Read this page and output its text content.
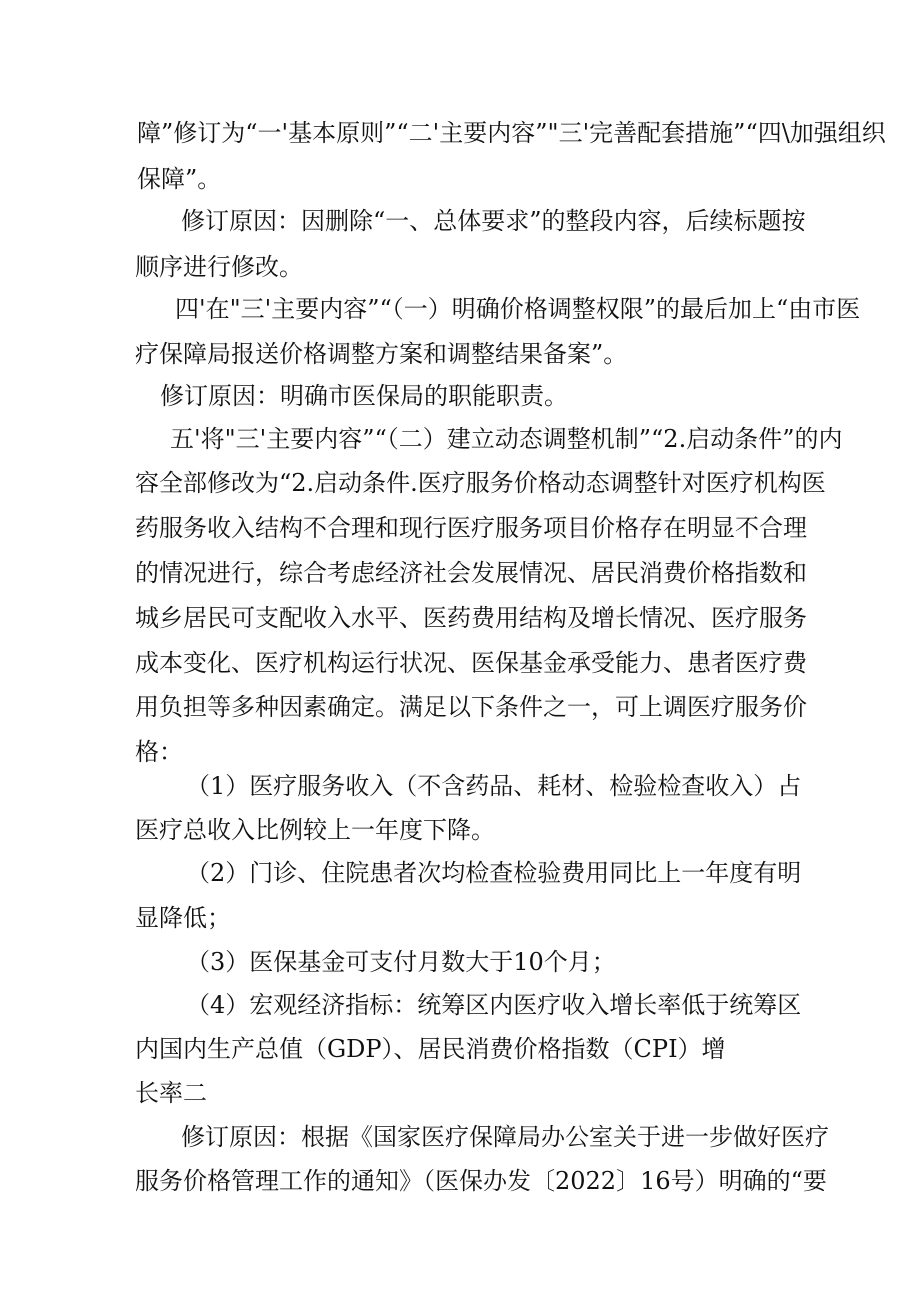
障”修订为“一'基本原则”“二'主要内容”"三'完善配套措施”“四\加强组织
保障”。
修订原因：因删除“一、总体要求”的整段内容，后续标题按
顺序进行修改。
四'在"三'主要内容”“（一）明确价格调整权限”的最后加上“由市医
疗保障局报送价格调整方案和调整结果备案”。
修订原因：明确市医保局的职能职责。
五'将"三'主要内容”“（二）建立动态调整机制”“2.启动条件”的内
容全部修改为“2.启动条件.医疗服务价格动态调整针对医疗机构医
药服务收入结构不合理和现行医疗服务项目价格存在明显不合理
的情况进行，综合考虑经济社会发展情况、居民消费价格指数和
城乡居民可支配收入水平、医药费用结构及增长情况、医疗服务
成本变化、医疗机构运行状况、医保基金承受能力、患者医疗费
用负担等多种因素确定。满足以下条件之一，可上调医疗服务价
格：
（1）医疗服务收入（不含药品、耗材、检验检查收入）占
医疗总收入比例较上一年度下降。
（2）门诊、住院患者次均检查检验费用同比上一年度有明
显降低；
（3）医保基金可支付月数大于10个月；
（4）宏观经济指标：统筹区内医疗收入增长率低于统筹区
内国内生产总值（GDP）、居民消费价格指数（CPI）增
长率二
修订原因：根据《国家医疗保障局办公室关于进一步做好医疗
服务价格管理工作的通知》（医保办发〔2022〕16号）明确的“要
